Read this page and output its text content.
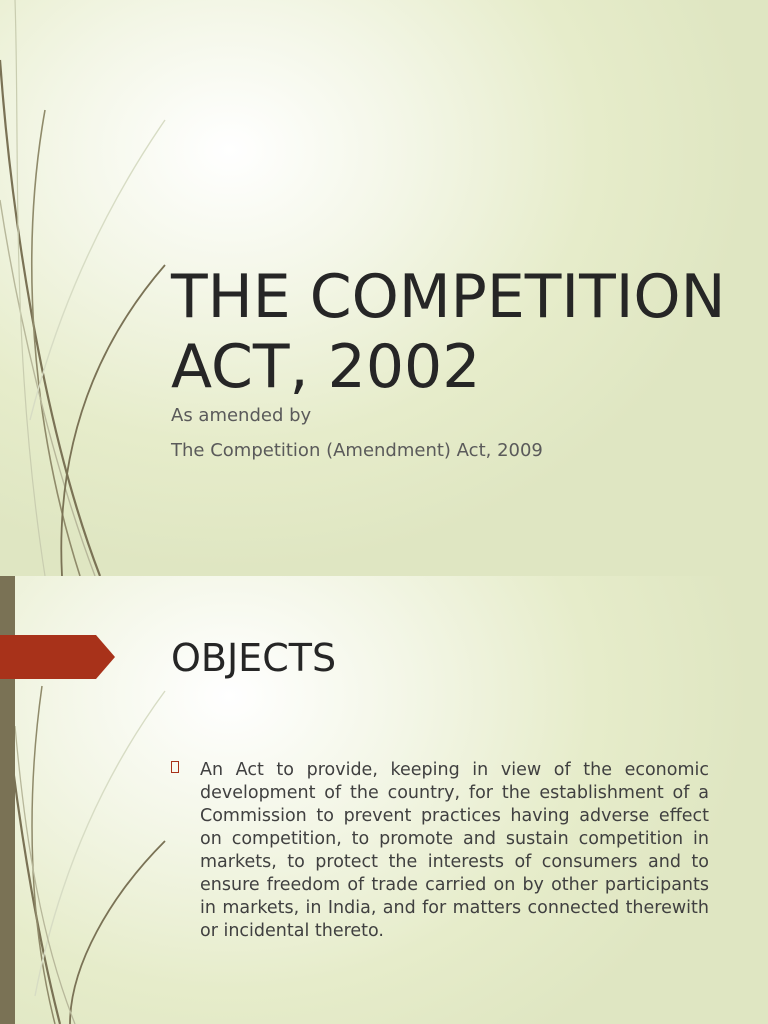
THE COMPETITION
ACT, 2002

As amended by

The Competition (Amendment) Act, 2009

OBJECTS

An Act to provide, keeping in view of the economic development of the country, for the establishment of a Commission to prevent practices having adverse effect on competition, to promote and sustain competition in markets, to protect the interests of consumers and to ensure freedom of trade carried on by other participants in markets, in India, and for matters connected therewith or incidental thereto.
